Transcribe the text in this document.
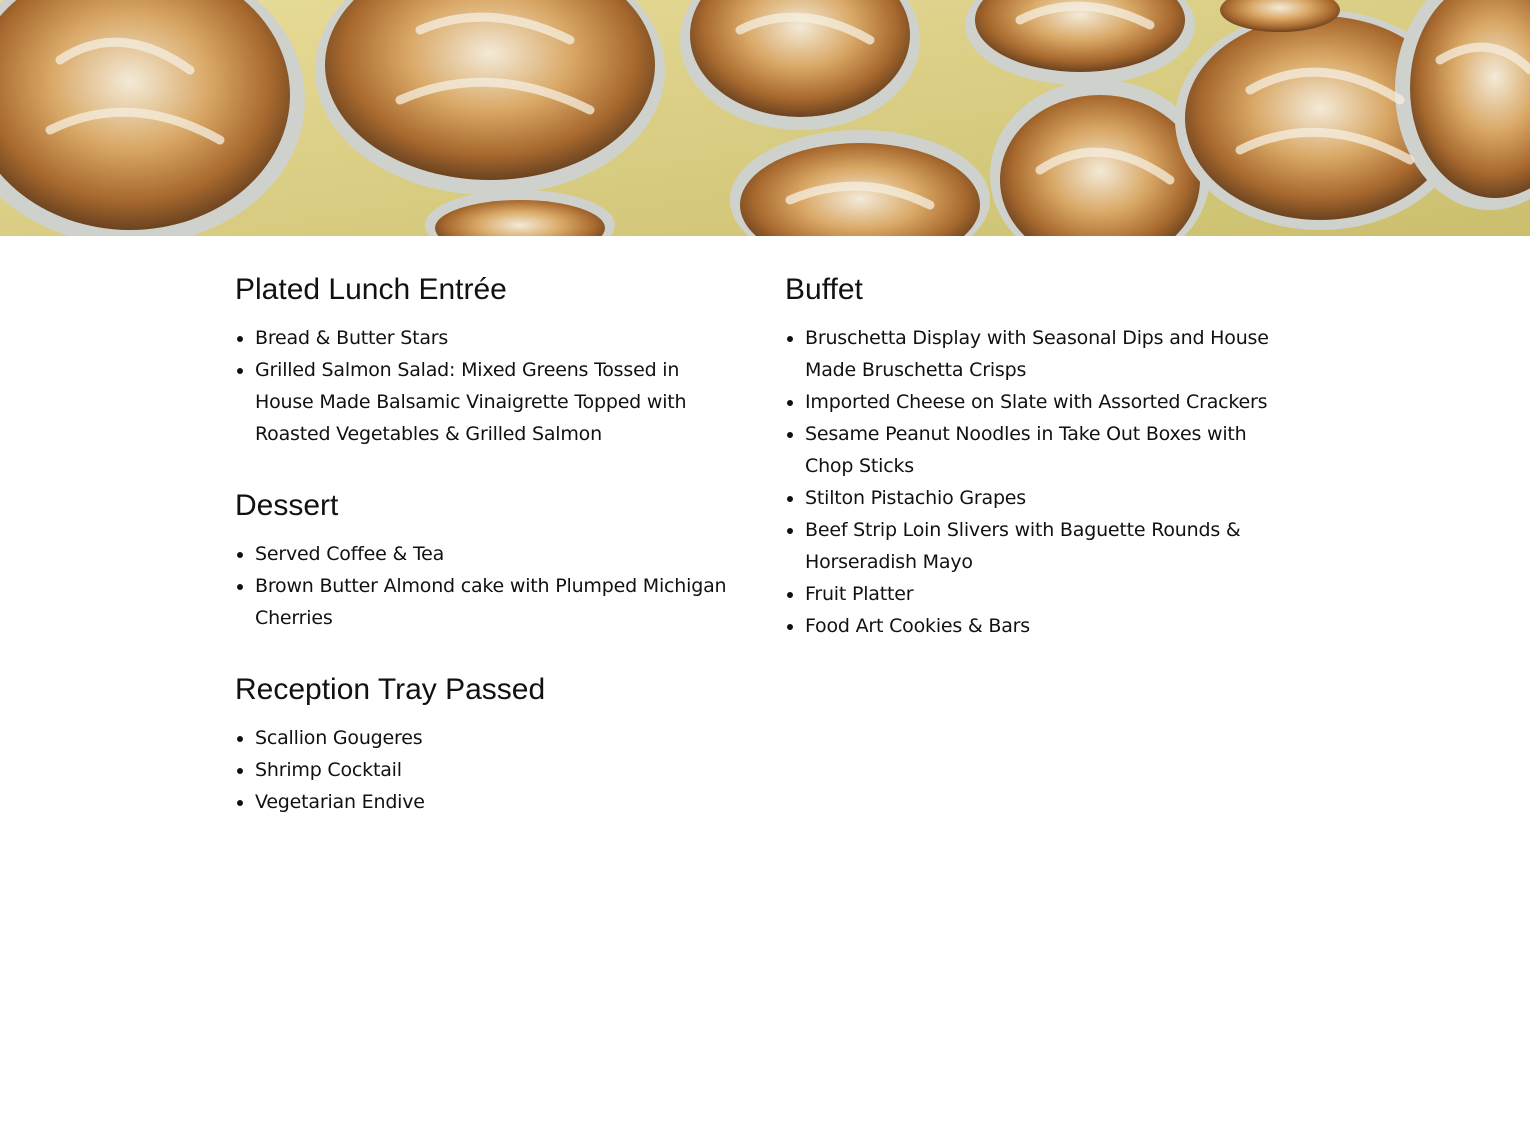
Plated Lunch Entrée
• Bread & Butter Stars
• Grilled Salmon Salad: Mixed Greens Tossed in House Made Balsamic Vinaigrette Topped with Roasted Vegetables & Grilled Salmon
Dessert
• Served Coffee & Tea
• Brown Butter Almond cake with Plumped Michigan Cherries
Reception Tray Passed
• Scallion Gougeres
• Shrimp Cocktail
• Vegetarian Endive
Buffet
• Bruschetta Display with Seasonal Dips and House Made Bruschetta Crisps
• Imported Cheese on Slate with Assorted Crackers
• Sesame Peanut Noodles in Take Out Boxes with Chop Sticks
• Stilton Pistachio Grapes
• Beef Strip Loin Slivers with Baguette Rounds & Horseradish Mayo
• Fruit Platter
• Food Art Cookies & Bars
